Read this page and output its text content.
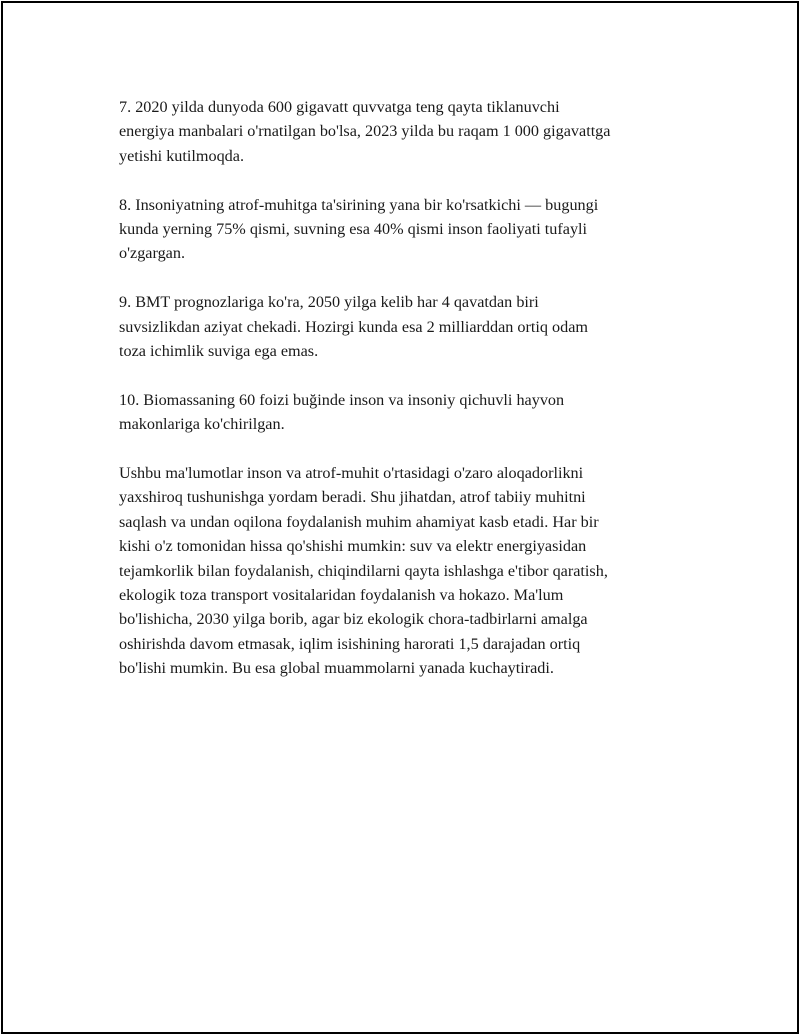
7. 2020 yilda dunyoda 600 gigavatt quvvatga teng qayta tiklanuvchi
energiya manbalari o'rnatilgan bo'lsa, 2023 yilda bu raqam 1 000 gigavattga
yetishi kutilmoqda.

8. Insoniyatning atrof-muhitga ta'sirining yana bir ko'rsatkichi — bugungi
kunda yerning 75% qismi, suvning esa 40% qismi inson faoliyati tufayli
o'zgargan.

9. BMT prognozlariga ko'ra, 2050 yilga kelib har 4 qavatdan biri
suvsizlikdan aziyat chekadi. Hozirgi kunda esa 2 milliarddan ortiq odam
toza ichimlik suviga ega emas.

10. Biomassaning 60 foizi buğinde inson va insoniy qichuvli hayvon
makonlariga ko'chirilgan.

Ushbu ma'lumotlar inson va atrof-muhit o'rtasidagi o'zaro aloqadorlikni
yaxshiroq tushunishga yordam beradi. Shu jihatdan, atrof tabiiy muhitni
saqlash va undan oqilona foydalanish muhim ahamiyat kasb etadi. Har bir
kishi o'z tomonidan hissa qo'shishi mumkin: suv va elektr energiyasidan
tejamkorlik bilan foydalanish, chiqindilarni qayta ishlashga e'tibor qaratish,
ekologik toza transport vositalaridan foydalanish va hokazo. Ma'lum
bo'lishicha, 2030 yilga borib, agar biz ekologik chora-tadbirlarni amalga
oshirishda davom etmasak, iqlim isishining harorati 1,5 darajadan ortiq
bo'lishi mumkin. Bu esa global muammolarni yanada kuchaytiradi.
